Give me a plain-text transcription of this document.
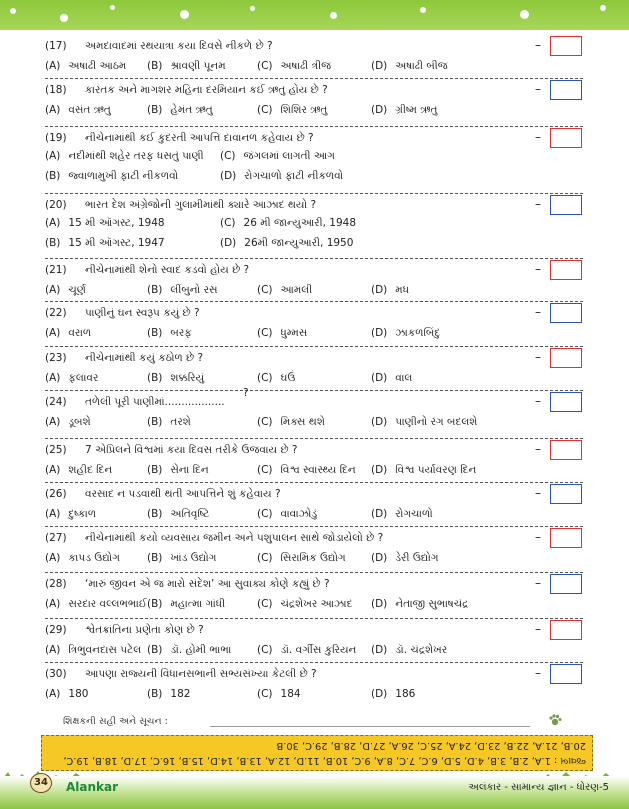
(17) અમદાવાદમાં રથયાત્રા કયા દિવસે નીકળે છે ?
(A) અષાઢી આઠમ (B) શ્રાવણી પૂનમ	(C) અષાઢી ત્રીજ	(D) અષાઢી બીજ
–
(18) કારતક અને માગશર મહિના દરમિયાન કઈ ઋતુ હોય છે ?
(A) વસંત ઋતુ	(B) હેમંત ઋતુ	(C) શિશિર ઋતુ	(D) ગ્રીષ્મ ઋતુ
–
(19) નીચેનામાંથી કઈ કુદરતી આપત્તિ દાવાનળ કહેવાય છે ?
(A) નદીમાંથી શહેર તરફ ધસતું પાણી (C) જંગલમાં લાગતી આગ
(B) જ્વાળામુખી ફાટી નીકળવો	(D) રોગચાળો ફાટી નીકળવો
–
(20) ભારત દેશ અંગ્રેજોની ગુલામીમાંથી ક્યારે આઝાદ થયો ?
(A) 15 મી ઑગસ્ટ, 1948	(C) 26 મી જાન્યુઆરી, 1948
(B) 15 મી ઑગસ્ટ, 1947	(D) 26મી જાન્યુઆરી, 1950
–
(21) નીચેનામાંથી શેનો સ્વાદ કડવો હોય છે ?
(A) ચૂર્ણ	(B) લીંબુનો રસ	(C) આમલી	(D) મધ
–
(22) પાણીનું ઘન સ્વરૂપ કયું છે ?
(A) વરાળ	(B) બરફ	(C) ધુમ્મસ	(D) ઝાકળબિંદુ
–
(23) નીચેનામાંથી કયું કઠોળ છે ?
(A) ફલાવર	(B) શક્કરિયું	(C) ઘઉં	(D) વાલ
–
(24) તળેલી પૂરી પાણીમાં..................
?
(A) ડૂબશે	(B) તરશે	(C) મિક્સ થશે	(D) પાણીનો રંગ બદલશે
–
(25) 7 એપ્રિલને વિશ્વમાં કયા દિવસ તરીકે ઉજવાય છે ?
(A) શહીદ દિન	(B) સેના દિન	(C) વિશ્વ સ્વાસ્થ્ય દિન (D) વિશ્વ પર્યાવરણ દિન
–
(26) વરસાદ ન પડવાથી થતી આપત્તિને શું કહેવાય ?
(A) દુષ્કાળ	(B) અતિવૃષ્ટિ	(C) વાવાઝોડું	(D) રોગચાળો
–
(27) નીચેનામાંથી કયો વ્યવસાય જમીન અને પશુપાલન સાથે જોડાયેલો છે ?
(A) કાપડ ઉદ્યોગ	(B) ખાંડ ઉદ્યોગ	(C) સિરામિક ઉદ્યોગ (D) ડેરી ઉદ્યોગ
–
(28) ‘મારું જીવન એ જ મારો સંદેશ’ આ સુવાક્ય કોણે કહ્યું છે ?
(A) સરદાર વલ્લભભાઈ (B) મહાત્મા ગાંધી	(C) ચંદ્રશેખર આઝાદ (D) નેતાજી સુભાષચંદ્ર
–
(29) શ્વેતક્રાંતિના પ્રણેતા કોણ છે ?
(A) ત્રિભુવનદાસ પટેલ (B) ડૉ. હોમી ભાભા (C) ડૉ. વર્ગીસ કુરિયન (D) ડૉ. ચંદ્રશેખર
–
(30) આપણા રાજ્યની વિધાનસભાની સભ્યસંખ્યા કેટલી છે ?
(A) 180	(B) 182	(C) 184	(D) 186
–
શિક્ષકની સહી અને સૂચન :
જવાબ : 1.A, 2.B, 3.B, 4.D, 5.D, 6.C, 7.C, 8.A, 9.C, 10.B, 11.D, 12.A, 13.B, 14.D, 15.B, 16.C, 17.D, 18.B, 19.C, 20.B, 21.A, 22.B, 23.D, 24.A, 25.C, 26.A, 27.D, 28.B, 29.C, 30.B
34	Alankar	અલંકાર - સામાન્ય જ્ઞાન - ધોરણ-5
